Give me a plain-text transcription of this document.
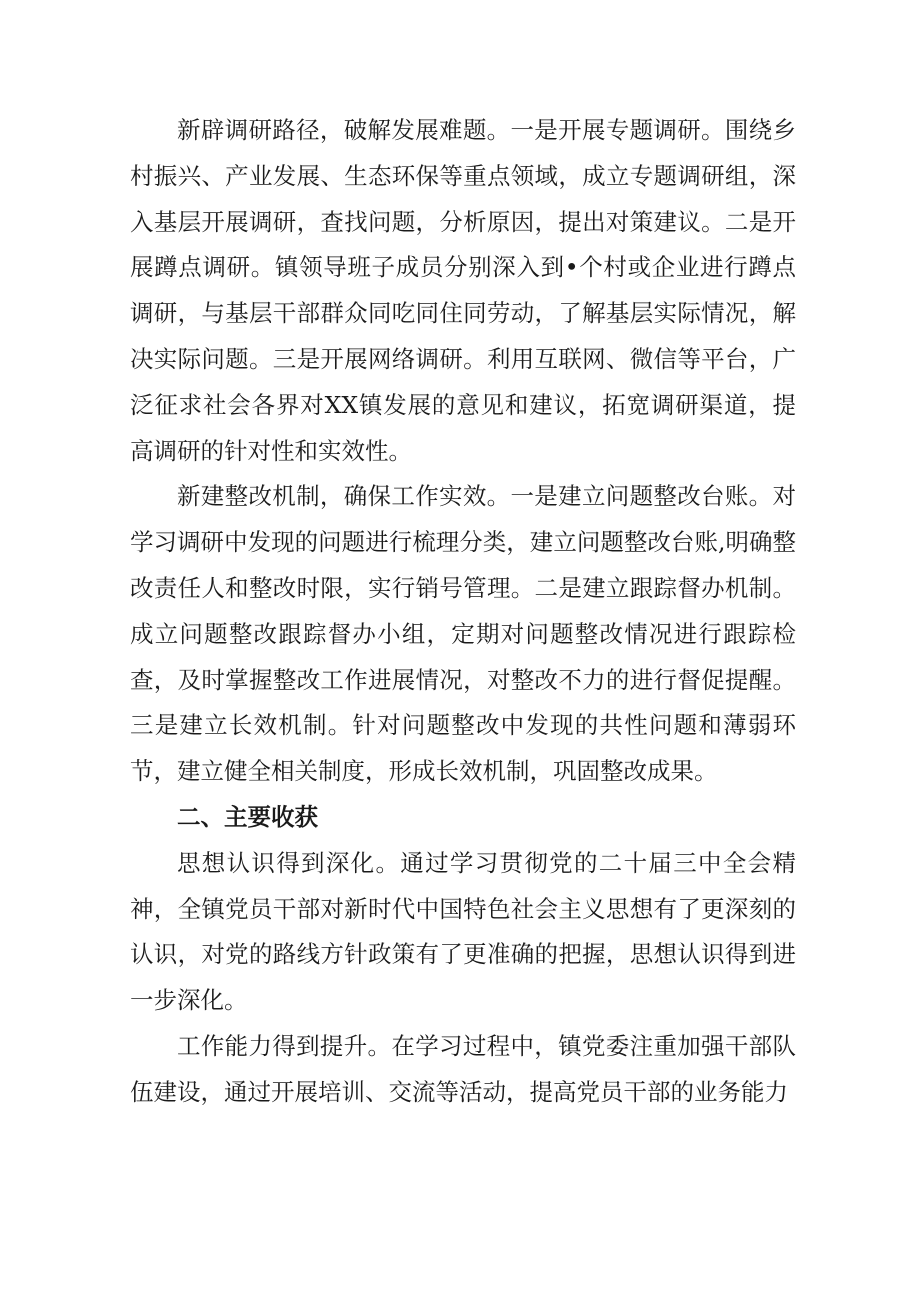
新辟调研路径，破解发展难题。一是开展专题调研。围绕乡村振兴、产业发展、生态环保等重点领域，成立专题调研组，深入基层开展调研，査找问题，分析原因，提出对策建议。二是开展蹲点调研。镇领导班子成员分别深入到•个村或企业进行蹲点调研，与基层干部群众同吃同住同劳动，了解基层实际情况，解决实际问题。三是开展网络调研。利用互联网、微信等平台，广泛征求社会各界对XX镇发展的意见和建议，拓宽调研渠道，提高调研的针对性和实效性。

新建整改机制，确保工作实效。一是建立问题整改台账。对学习调研中发现的问题进行梳理分类，建立问题整改台账,明确整改责任人和整改时限，实行销号管理。二是建立跟踪督办机制。成立问题整改跟踪督办小组，定期对问题整改情况进行跟踪检查，及时掌握整改工作进展情况，对整改不力的进行督促提醒。三是建立长效机制。针对问题整改中发现的共性问题和薄弱环节，建立健全相关制度，形成长效机制，巩固整改成果。

二、主要收获

思想认识得到深化。通过学习贯彻党的二十届三中全会精神，全镇党员干部对新时代中国特色社会主义思想有了更深刻的认识，对党的路线方针政策有了更准确的把握，思想认识得到进一步深化。

工作能力得到提升。在学习过程中，镇党委注重加强干部队伍建设，通过开展培训、交流等活动，提高党员干部的业务能力
